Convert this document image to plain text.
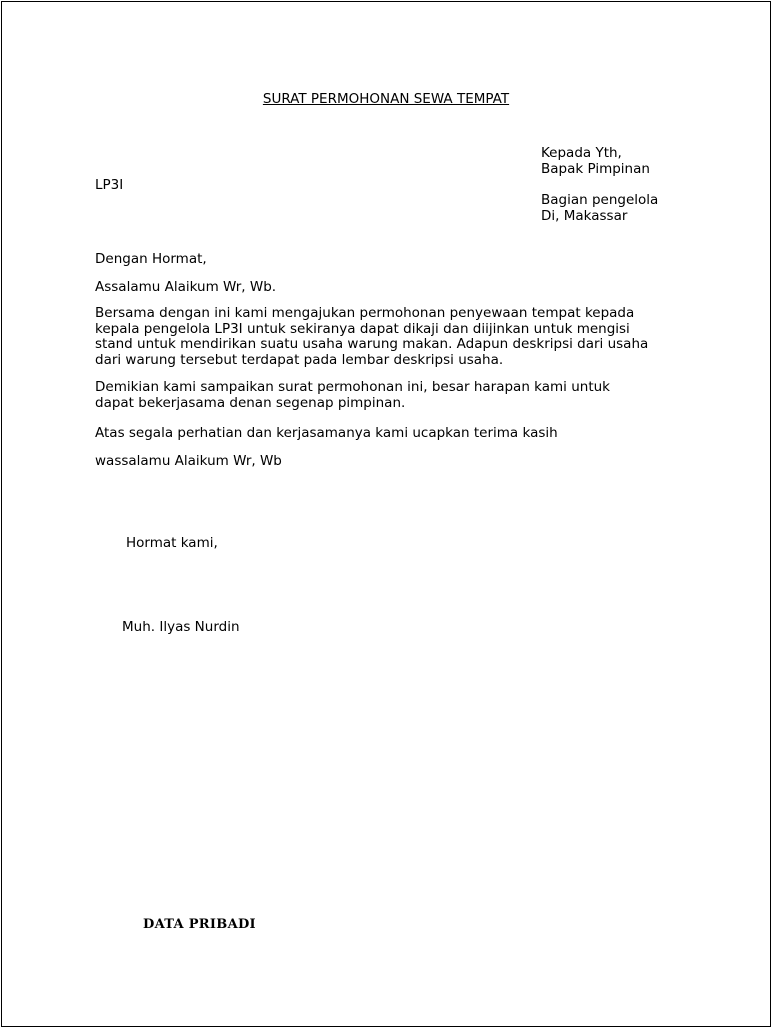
SURAT PERMOHONAN SEWA TEMPAT
Kepada Yth,
Bapak Pimpinan
LP3I
Bagian pengelola
Di, Makassar
Dengan Hormat,
Assalamu Alaikum Wr, Wb.
Bersama dengan ini kami mengajukan permohonan penyewaan tempat kepada
kepala pengelola LP3I untuk sekiranya dapat dikaji dan diijinkan untuk mengisi
stand untuk mendirikan suatu usaha warung makan. Adapun deskripsi dari usaha
dari warung tersebut terdapat pada lembar deskripsi usaha.
Demikian kami sampaikan surat permohonan ini, besar harapan kami untuk
dapat bekerjasama denan segenap pimpinan.
Atas segala perhatian dan kerjasamanya kami ucapkan terima kasih
wassalamu Alaikum Wr, Wb
Hormat kami,
Muh. Ilyas Nurdin
DATA PRIBADI
